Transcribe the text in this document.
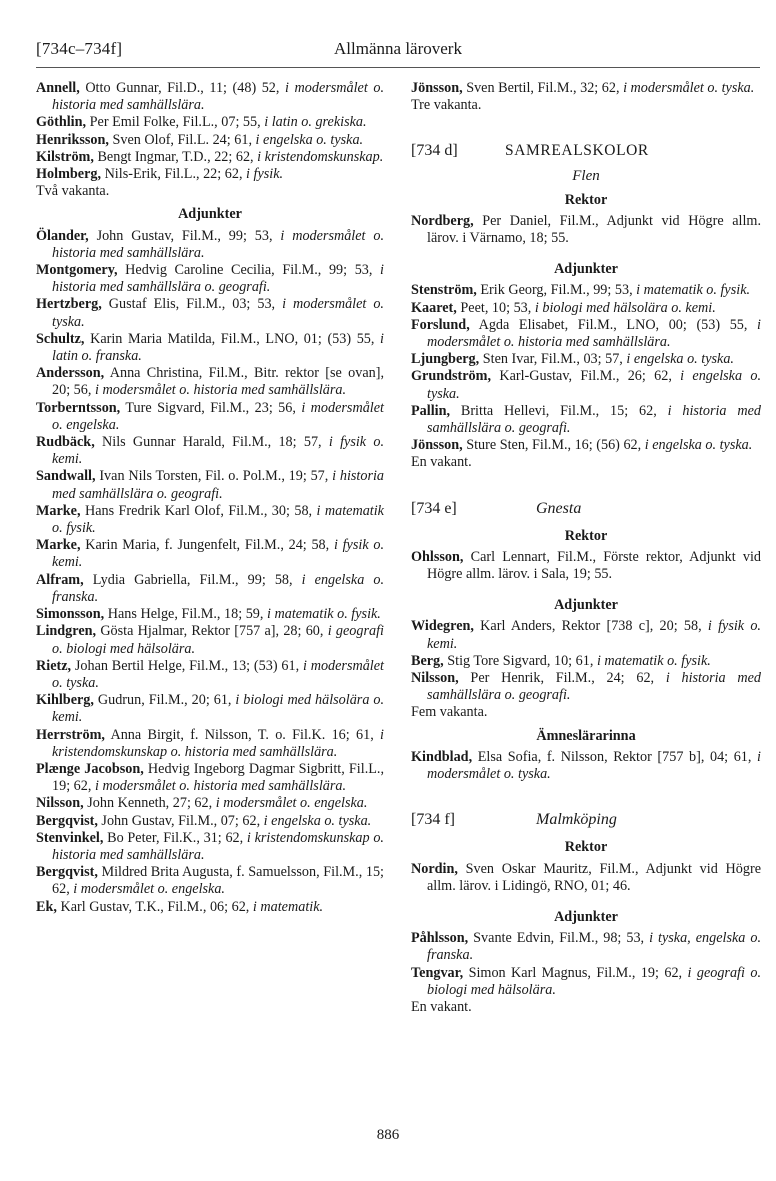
[734c–734f]	Allmänna läroverk

Annell, Otto Gunnar, Fil.D., 11; (48) 52, i modersmålet o. historia med samhällslära.

Göthlin, Per Emil Folke, Fil.L., 07; 55, i latin o. grekiska.

Henriksson, Sven Olof, Fil.L. 24; 61, i engelska o. tyska.

Kilström, Bengt Ingmar, T.D., 22; 62, i kristendomskunskap.

Holmberg, Nils-Erik, Fil.L., 22; 62, i fysik.

Två vakanta.

Adjunkter

Ölander, John Gustav, Fil.M., 99; 53, i modersmålet o. historia med samhällslära.

Montgomery, Hedvig Caroline Cecilia, Fil.M., 99; 53, i historia med samhällslära o. geografi.

Hertzberg, Gustaf Elis, Fil.M., 03; 53, i modersmålet o. tyska.

Schultz, Karin Maria Matilda, Fil.M., LNO, 01; (53) 55, i latin o. franska.

Andersson, Anna Christina, Fil.M., Bitr. rektor [se ovan], 20; 56, i modersmålet o. historia med samhällslära.

Torberntsson, Ture Sigvard, Fil.M., 23; 56, i modersmålet o. engelska.

Rudbäck, Nils Gunnar Harald, Fil.M., 18; 57, i fysik o. kemi.

Sandwall, Ivan Nils Torsten, Fil. o. Pol.M., 19; 57, i historia med samhällslära o. geografi.

Marke, Hans Fredrik Karl Olof, Fil.M., 30; 58, i matematik o. fysik.

Marke, Karin Maria, f. Jungenfelt, Fil.M., 24; 58, i fysik o. kemi.

Alfram, Lydia Gabriella, Fil.M., 99; 58, i engelska o. franska.

Simonsson, Hans Helge, Fil.M., 18; 59, i matematik o. fysik.

Lindgren, Gösta Hjalmar, Rektor [757 a], 28; 60, i geografi o. biologi med hälsolära.

Rietz, Johan Bertil Helge, Fil.M., 13; (53) 61, i modersmålet o. tyska.

Kihlberg, Gudrun, Fil.M., 20; 61, i biologi med hälsolära o. kemi.

Herrström, Anna Birgit, f. Nilsson, T. o. Fil.K. 16; 61, i kristendomskunskap o. historia med samhällslära.

Plænge Jacobson, Hedvig Ingeborg Dagmar Sigbritt, Fil.L., 19; 62, i modersmålet o. historia med samhällslära.

Nilsson, John Kenneth, 27; 62, i modersmålet o. engelska.

Bergqvist, John Gustav, Fil.M., 07; 62, i engelska o. tyska.

Stenvinkel, Bo Peter, Fil.K., 31; 62, i kristendomskunskap o. historia med samhällslära.

Bergqvist, Mildred Brita Augusta, f. Samuelsson, Fil.M., 15; 62, i modersmålet o. engelska.

Ek, Karl Gustav, T.K., Fil.M., 06; 62, i matematik.

Jönsson, Sven Bertil, Fil.M., 32; 62, i modersmålet o. tyska.

Tre vakanta.

[734 d]	SAMREALSKOLOR
Flen
Rektor

Nordberg, Per Daniel, Fil.M., Adjunkt vid Högre allm. lärov. i Värnamo, 18; 55.

Adjunkter

Stenström, Erik Georg, Fil.M., 99; 53, i matematik o. fysik.

Kaaret, Peet, 10; 53, i biologi med hälsolära o. kemi.

Forslund, Agda Elisabet, Fil.M., LNO, 00; (53) 55, i modersmålet o. historia med samhällslära.

Ljungberg, Sten Ivar, Fil.M., 03; 57, i engelska o. tyska.

Grundström, Karl-Gustav, Fil.M., 26; 62, i engelska o. tyska.

Pallin, Britta Hellevi, Fil.M., 15; 62, i historia med samhällslära o. geografi.

Jönsson, Sture Sten, Fil.M., 16; (56) 62, i engelska o. tyska.

En vakant.

[734 e]	Gnesta
Rektor

Ohlsson, Carl Lennart, Fil.M., Förste rektor, Adjunkt vid Högre allm. lärov. i Sala, 19; 55.

Adjunkter

Widegren, Karl Anders, Rektor [738 c], 20; 58, i fysik o. kemi.

Berg, Stig Tore Sigvard, 10; 61, i matematik o. fysik.

Nilsson, Per Henrik, Fil.M., 24; 62, i historia med samhällslära o. geografi.

Fem vakanta.

Ämneslärarinna

Kindblad, Elsa Sofia, f. Nilsson, Rektor [757 b], 04; 61, i modersmålet o. tyska.

[734 f]	Malmköping
Rektor

Nordin, Sven Oskar Mauritz, Fil.M., Adjunkt vid Högre allm. lärov. i Lidingö, RNO, 01; 46.

Adjunkter

Påhlsson, Svante Edvin, Fil.M., 98; 53, i tyska, engelska o. franska.

Tengvar, Simon Karl Magnus, Fil.M., 19; 62, i geografi o. biologi med hälsolära.

En vakant.

886
